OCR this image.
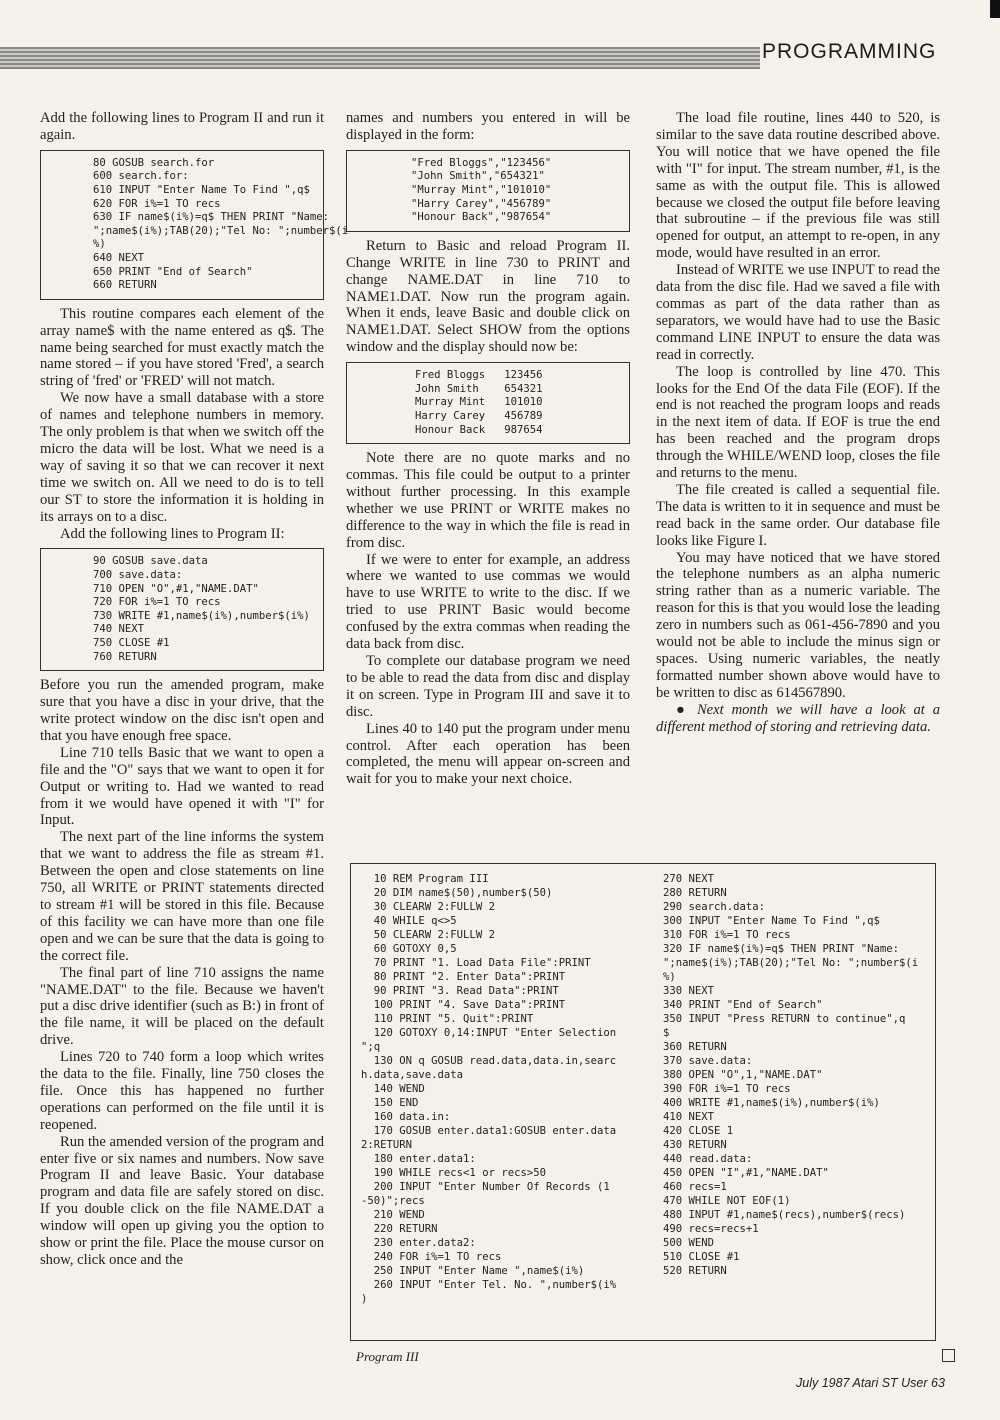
PROGRAMMING

Add the following lines to Program II and run it again.

80 GOSUB search.for
600 search.for:
610 INPUT "Enter Name To Find ",q$
620 FOR i%=1 TO recs
630 IF name$(i%)=q$ THEN PRINT "Name:
";name$(i%);TAB(20);"Tel No: ";number$(i
%)
640 NEXT
650 PRINT "End of Search"
660 RETURN

This routine compares each element of the array name$ with the name entered as q$. The name being searched for must exactly match the name stored – if you have stored 'Fred', a search string of 'fred' or 'FRED' will not match.

We now have a small database with a store of names and telephone numbers in memory. The only problem is that when we switch off the micro the data will be lost. What we need is a way of saving it so that we can recover it next time we switch on. All we need to do is to tell our ST to store the information it is holding in its arrays on to a disc.

Add the following lines to Program II:

90 GOSUB save.data
700 save.data:
710 OPEN "O",#1,"NAME.DAT"
720 FOR i%=1 TO recs
730 WRITE #1,name$(i%),number$(i%)
740 NEXT
750 CLOSE #1
760 RETURN

Before you run the amended program, make sure that you have a disc in your drive, that the write protect window on the disc isn't open and that you have enough free space.

Line 710 tells Basic that we want to open a file and the "O" says that we want to open it for Output or writing to. Had we wanted to read from it we would have opened it with "I" for Input.

The next part of the line informs the system that we want to address the file as stream #1. Between the open and close statements on line 750, all WRITE or PRINT statements directed to stream #1 will be stored in this file. Because of this facility we can have more than one file open and we can be sure that the data is going to the correct file.

The final part of line 710 assigns the name "NAME.DAT" to the file. Because we haven't put a disc drive identifier (such as B:) in front of the file name, it will be placed on the default drive.

Lines 720 to 740 form a loop which writes the data to the file. Finally, line 750 closes the file. Once this has happened no further operations can performed on the file until it is reopened.

Run the amended version of the program and enter five or six names and numbers. Now save Program II and leave Basic. Your database program and data file are safely stored on disc. If you double click on the file NAME.DAT a window will open up giving you the option to show or print the file. Place the mouse cursor on show, click once and the

names and numbers you entered in will be displayed in the form:

"Fred Bloggs","123456"
"John Smith","654321"
"Murray Mint","101010"
"Harry Carey","456789"
"Honour Back","987654"

Return to Basic and reload Program II. Change WRITE in line 730 to PRINT and change NAME.DAT in line 710 to NAME1.DAT. Now run the program again. When it ends, leave Basic and double click on NAME1.DAT. Select SHOW from the options window and the display should now be:

Fred Bloggs   123456
John Smith    654321
Murray Mint   101010
Harry Carey   456789
Honour Back   987654

Note there are no quote marks and no commas. This file could be output to a printer without further processing. In this example whether we use PRINT or WRITE makes no difference to the way in which the file is read in from disc.

If we were to enter for example, an address where we wanted to use commas we would have to use WRITE to write to the disc. If we tried to use PRINT Basic would become confused by the extra commas when reading the data back from disc.

To complete our database program we need to be able to read the data from disc and display it on screen. Type in Program III and save it to disc.

Lines 40 to 140 put the program under menu control. After each operation has been completed, the menu will appear on-screen and wait for you to make your next choice.

The load file routine, lines 440 to 520, is similar to the save data routine described above. You will notice that we have opened the file with "I" for input. The stream number, #1, is the same as with the output file. This is allowed because we closed the output file before leaving that subroutine – if the previous file was still opened for output, an attempt to re-open, in any mode, would have resulted in an error.

Instead of WRITE we use INPUT to read the data from the disc file. Had we saved a file with commas as part of the data rather than as separators, we would have had to use the Basic command LINE INPUT to ensure the data was read in correctly.

The loop is controlled by line 470. This looks for the End Of the data File (EOF). If the end is not reached the program loops and reads in the next item of data. If EOF is true the end has been reached and the program drops through the WHILE/WEND loop, closes the file and returns to the menu.

The file created is called a sequential file. The data is written to it in sequence and must be read back in the same order. Our database file looks like Figure I.

You may have noticed that we have stored the telephone numbers as an alpha numeric string rather than as a numeric variable. The reason for this is that you would lose the leading zero in numbers such as 061-456-7890 and you would not be able to include the minus sign or spaces. Using numeric variables, the neatly formatted number shown above would have to be written to disc as 614567890.

● Next month we will have a look at a different method of storing and retrieving data.

10 REM Program III
20 DIM name$(50),number$(50)
30 CLEARW 2:FULLW 2
40 WHILE q<>5
50 CLEARW 2:FULLW 2
60 GOTOXY 0,5
70 PRINT "1. Load Data File":PRINT
80 PRINT "2. Enter Data":PRINT
90 PRINT "3. Read Data":PRINT
100 PRINT "4. Save Data":PRINT
110 PRINT "5. Quit":PRINT
120 GOTOXY 0,14:INPUT "Enter Selection
";q
130 ON q GOSUB read.data,data.in,searc
h.data,save.data
140 WEND
150 END
160 data.in:
170 GOSUB enter.data1:GOSUB enter.data
2:RETURN
180 enter.data1:
190 WHILE recs<1 or recs>50
200 INPUT "Enter Number Of Records (1
-50)";recs
210 WEND
220 RETURN
230 enter.data2:
240 FOR i%=1 TO recs
250 INPUT "Enter Name ",name$(i%)
260 INPUT "Enter Tel. No. ",number$(i%
)
270 NEXT
280 RETURN
290 search.data:
300 INPUT "Enter Name To Find ",q$
310 FOR i%=1 TO recs
320 IF name$(i%)=q$ THEN PRINT "Name:
";name$(i%);TAB(20);"Tel No: ";number$(i
%)
330 NEXT
340 PRINT "End of Search"
350 INPUT "Press RETURN to continue",q
$
360 RETURN
370 save.data:
380 OPEN "O",1,"NAME.DAT"
390 FOR i%=1 TO recs
400 WRITE #1,name$(i%),number$(i%)
410 NEXT
420 CLOSE 1
430 RETURN
440 read.data:
450 OPEN "I",#1,"NAME.DAT"
460 recs=1
470 WHILE NOT EOF(1)
480 INPUT #1,name$(recs),number$(recs)
490 recs=recs+1
500 WEND
510 CLOSE #1
520 RETURN
Program III
July 1987 Atari ST User 63
